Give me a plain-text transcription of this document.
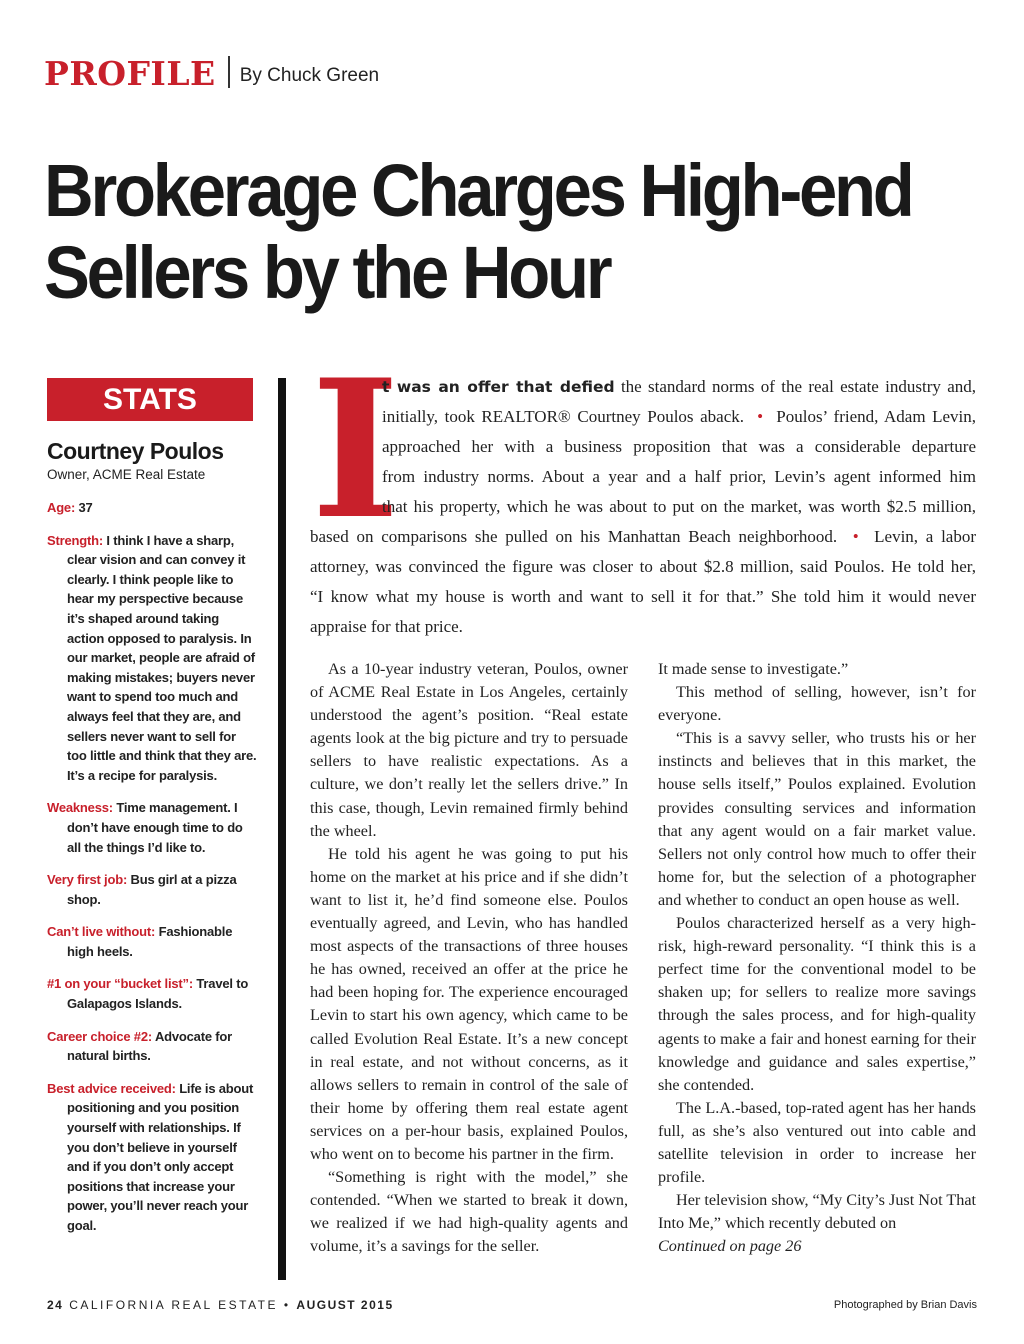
PROFILE By Chuck Green
Brokerage Charges High-end Sellers by the Hour
STATS
Courtney Poulos
Owner, ACME Real Estate
Age: 37
Strength: I think I have a sharp, clear vision and can convey it clearly. I think people like to hear my perspective because it’s shaped around taking action opposed to paralysis. In our market, people are afraid of making mistakes; buyers never want to spend too much and always feel that they are, and sellers never want to sell for too little and think that they are. It’s a recipe for paralysis.
Weakness: Time management. I don’t have enough time to do all the things I’d like to.
Very first job: Bus girl at a pizza shop.
Can’t live without: Fashionable high heels.
#1 on your “bucket list”: Travel to Galapagos Islands.
Career choice #2: Advocate for natural births.
Best advice received: Life is about positioning and you position yourself with relationships. If you don’t believe in yourself and if you don’t only accept positions that increase your power, you’ll never reach your goal.
I
t was an offer that defied the standard norms of the real estate industry and,
initially, took REALTOR® Courtney Poulos aback. • Poulos’ friend, Adam Levin,
approached her with a business proposition that was a considerable departure
from industry norms. About a year and a half prior, Levin’s agent informed him
that his property, which he was about to put on the market, was worth $2.5 million,
based on comparisons she pulled on his Manhattan Beach neighborhood. • Levin, a labor
attorney, was convinced the figure was closer to about $2.8 million, said Poulos. He told her,
“I know what my house is worth and want to sell it for that.” She told him it would never
appraise for that price.

As a 10-year industry veteran, Poulos, owner of ACME Real Estate in Los Angeles, certainly understood the agent’s position. “Real estate agents look at the big picture and try to persuade sellers to have realistic expectations. As a culture, we don’t really let the sellers drive.” In this case, though, Levin remained firmly behind the wheel.

He told his agent he was going to put his home on the market at his price and if she didn’t want to list it, he’d find someone else. Poulos eventually agreed, and Levin, who has handled most aspects of the transactions of three houses he has owned, received an offer at the price he had been hoping for. The experience encouraged Levin to start his own agency, which came to be called Evolution Real Estate. It’s a new concept in real estate, and not without concerns, as it allows sellers to remain in control of the sale of their home by offering them real estate agent services on a per-hour basis, explained Poulos, who went on to become his partner in the firm.

“Something is right with the model,” she contended. “When we started to break it down, we realized if we had high-quality agents and volume, it’s a savings for the seller.

It made sense to investigate.”

This method of selling, however, isn’t for everyone.

“This is a savvy seller, who trusts his or her instincts and believes that in this market, the house sells itself,” Poulos explained. Evolution provides consulting services and information that any agent would on a fair market value. Sellers not only control how much to offer their home for, but the selection of a photographer and whether to conduct an open house as well.

Poulos characterized herself as a very high-risk, high-reward personality. “I think this is a perfect time for the conventional model to be shaken up; for sellers to realize more savings through the sales process, and for high-quality agents to make a fair and honest earning for their knowledge and guidance and sales expertise,” she contended.

The L.A.-based, top-rated agent has her hands full, as she’s also ventured out into cable and satellite television in order to increase her profile.

Her television show, “My City’s Just Not That Into Me,” which recently debuted on

Continued on page 26

24 CALIFORNIA REAL ESTATE • AUGUST 2015	Photographed by Brian Davis
